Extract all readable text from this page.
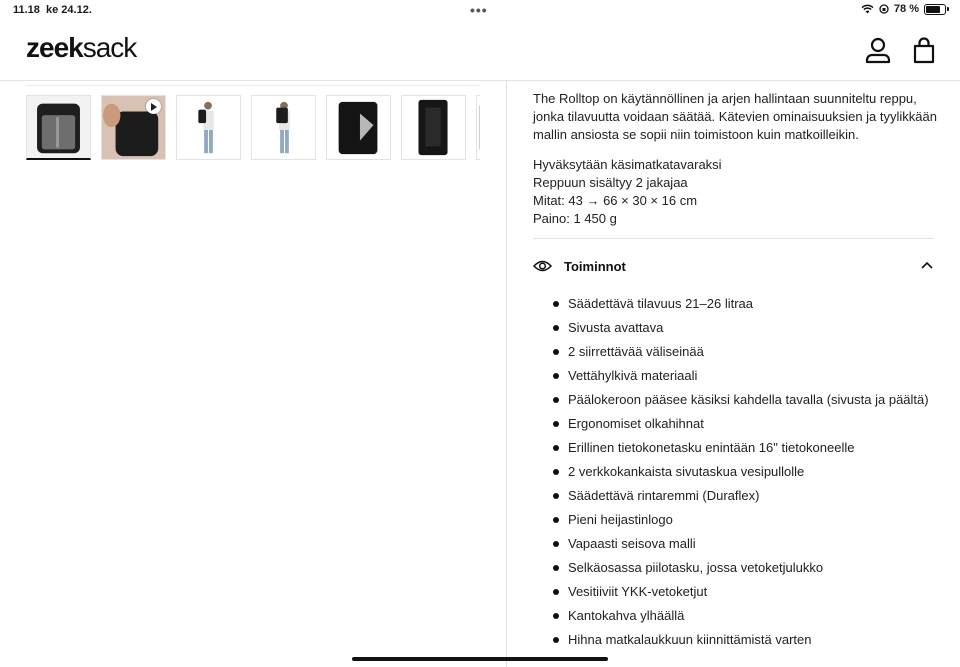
11.18 ke 24.12.	•••	78 %
zeeksack

The Rolltop on käytännöllinen ja arjen hallintaan suunniteltu reppu, jonka tilavuutta voidaan säätää. Kätevien ominaisuuksien ja tyylikkään mallin ansiosta se sopii niin toimistoon kuin matkoilleikin.

Hyväksytään käsimatkatavaraksi
Reppuun sisältyy 2 jakajaa
Mitat: 43 → 66 × 30 × 16 cm
Paino: 1 450 g
Toiminnot
Säädettävä tilavuus 21–26 litraa
Sivusta avattava
2 siirrettävää väliseinää
Vettähylkivä materiaali
Päälokeroon pääsee käsiksi kahdella tavalla (sivusta ja päältä)
Ergonomiset olkahihnat
Erillinen tietokonetasku enintään 16" tietokoneelle
2 verkkokankaista sivutaskua vesipullolle
Säädettävä rintaremmi (Duraflex)
Pieni heijastinlogo
Vapaasti seisova malli
Selkäosassa piilotasku, jossa vetoketjulukko
Vesitiiviit YKK-vetoketjut
Kantokahva ylhäällä
Hihna matkalaukkuun kiinnittämistä varten
